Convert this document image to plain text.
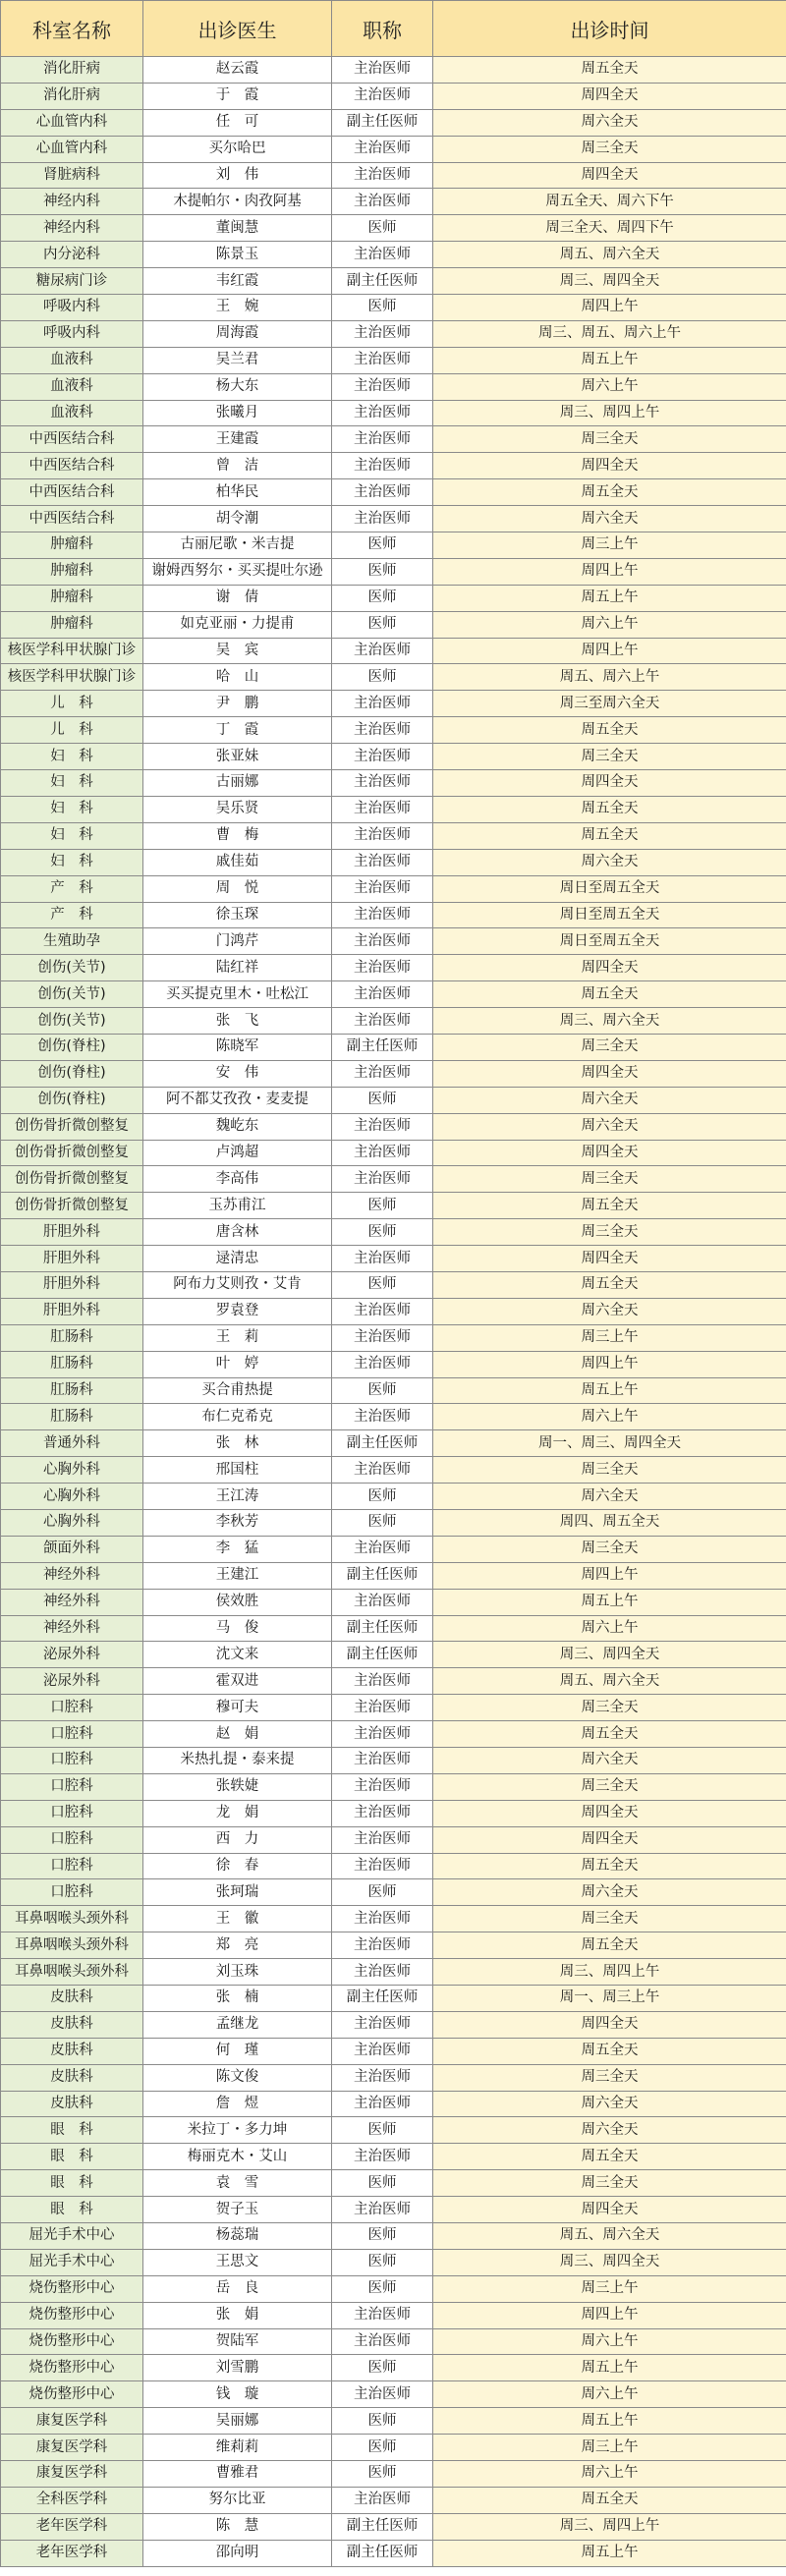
科室名称	出诊医生	职称	出诊时间
消化肝病	赵云霞	主治医师	周五全天
消化肝病	于　霞	主治医师	周四全天
心血管内科	任　可	副主任医师	周六全天
心血管内科	买尔哈巴	主治医师	周三全天
肾脏病科	刘　伟	主治医师	周四全天
神经内科	木提帕尔・肉孜阿基	主治医师	周五全天、周六下午
神经内科	董闽慧	医师	周三全天、周四下午
内分泌科	陈景玉	主治医师	周五、周六全天
糖尿病门诊	韦红霞	副主任医师	周三、周四全天
呼吸内科	王　婉	医师	周四上午
呼吸内科	周海霞	主治医师	周三、周五、周六上午
血液科	吴兰君	主治医师	周五上午
血液科	杨大东	主治医师	周六上午
血液科	张曦月	主治医师	周三、周四上午
中西医结合科	王建霞	主治医师	周三全天
中西医结合科	曾　洁	主治医师	周四全天
中西医结合科	柏华民	主治医师	周五全天
中西医结合科	胡令潮	主治医师	周六全天
肿瘤科	古丽尼歌・米吉提	医师	周三上午
肿瘤科	谢姆西努尔・买买提吐尔逊	医师	周四上午
肿瘤科	谢　倩	医师	周五上午
肿瘤科	如克亚丽・力提甫	医师	周六上午
核医学科甲状腺门诊	吴　宾	主治医师	周四上午
核医学科甲状腺门诊	哈　山	医师	周五、周六上午
儿　科	尹　鹏	主治医师	周三至周六全天
儿　科	丁　霞	主治医师	周五全天
妇　科	张亚妹	主治医师	周三全天
妇　科	古丽娜	主治医师	周四全天
妇　科	吴乐贤	主治医师	周五全天
妇　科	曹　梅	主治医师	周五全天
妇　科	戚佳茹	主治医师	周六全天
产　科	周　悦	主治医师	周日至周五全天
产　科	徐玉琛	主治医师	周日至周五全天
生殖助孕	门鸿芹	主治医师	周日至周五全天
创伤(关节)	陆红祥	主治医师	周四全天
创伤(关节)	买买提克里木・吐松江	主治医师	周五全天
创伤(关节)	张　飞	主治医师	周三、周六全天
创伤(脊柱)	陈晓军	副主任医师	周三全天
创伤(脊柱)	安　伟	主治医师	周四全天
创伤(脊柱)	阿不都艾孜孜・麦麦提	医师	周六全天
创伤骨折微创整复	魏屹东	主治医师	周六全天
创伤骨折微创整复	卢鸿超	主治医师	周四全天
创伤骨折微创整复	李高伟	主治医师	周三全天
创伤骨折微创整复	玉苏甫江	医师	周五全天
肝胆外科	唐含林	医师	周三全天
肝胆外科	逯清忠	主治医师	周四全天
肝胆外科	阿布力艾则孜・艾肯	医师	周五全天
肝胆外科	罗袁登	主治医师	周六全天
肛肠科	王　莉	主治医师	周三上午
肛肠科	叶　婷	主治医师	周四上午
肛肠科	买合甫热提	医师	周五上午
肛肠科	布仁克希克	主治医师	周六上午
普通外科	张　林	副主任医师	周一、周三、周四全天
心胸外科	邢国柱	主治医师	周三全天
心胸外科	王江涛	医师	周六全天
心胸外科	李秋芳	医师	周四、周五全天
颌面外科	李　猛	主治医师	周三全天
神经外科	王建江	副主任医师	周四上午
神经外科	侯效胜	主治医师	周五上午
神经外科	马　俊	副主任医师	周六上午
泌尿外科	沈文来	副主任医师	周三、周四全天
泌尿外科	霍双进	主治医师	周五、周六全天
口腔科	穆可夫	主治医师	周三全天
口腔科	赵　娟	主治医师	周五全天
口腔科	米热扎提・泰来提	主治医师	周六全天
口腔科	张轶婕	主治医师	周三全天
口腔科	龙　娟	主治医师	周四全天
口腔科	西　力	主治医师	周四全天
口腔科	徐　春	主治医师	周五全天
口腔科	张珂瑞	医师	周六全天
耳鼻咽喉头颈外科	王　徽	主治医师	周三全天
耳鼻咽喉头颈外科	郑　亮	主治医师	周五全天
耳鼻咽喉头颈外科	刘玉珠	主治医师	周三、周四上午
皮肤科	张　楠	副主任医师	周一、周三上午
皮肤科	孟继龙	主治医师	周四全天
皮肤科	何　瑾	主治医师	周五全天
皮肤科	陈文俊	主治医师	周三全天
皮肤科	詹　煜	主治医师	周六全天
眼　科	米拉丁・多力坤	医师	周六全天
眼　科	梅丽克木・艾山	主治医师	周五全天
眼　科	袁　雪	医师	周三全天
眼　科	贺子玉	主治医师	周四全天
屈光手术中心	杨蕊瑞	医师	周五、周六全天
屈光手术中心	王思文	医师	周三、周四全天
烧伤整形中心	岳　良	医师	周三上午
烧伤整形中心	张　娟	主治医师	周四上午
烧伤整形中心	贺陆军	主治医师	周六上午
烧伤整形中心	刘雪鹏	医师	周五上午
烧伤整形中心	钱　璇	主治医师	周六上午
康复医学科	吴丽娜	医师	周五上午
康复医学科	维莉莉	医师	周三上午
康复医学科	曹雅君	医师	周六上午
全科医学科	努尔比亚	主治医师	周五全天
老年医学科	陈　慧	副主任医师	周三、周四上午
老年医学科	邵向明	副主任医师	周五上午
